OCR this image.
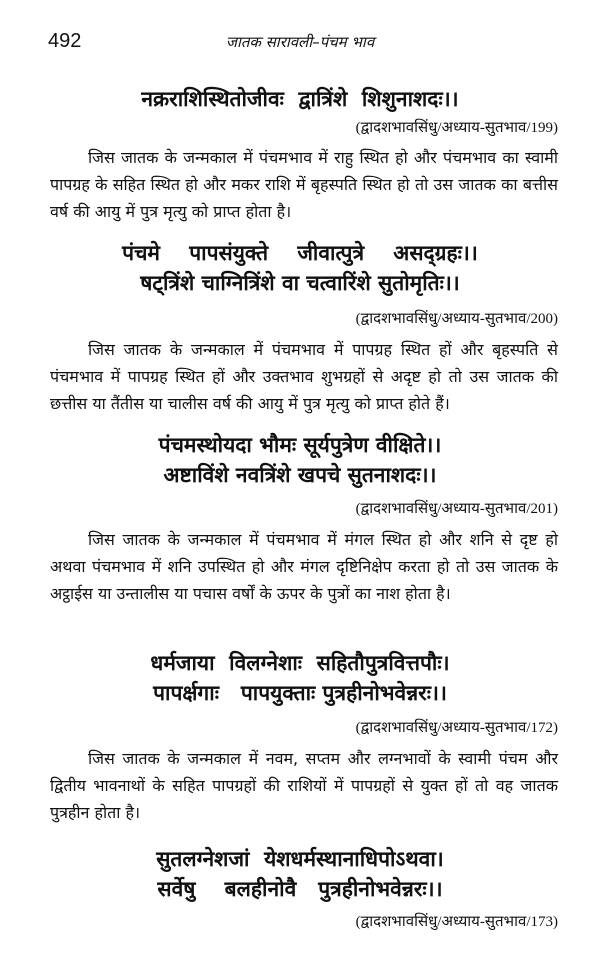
492	जातक सारावली–पंचम भाव
नक्रराशिस्थितोजीवः  द्वात्रिंशे  शिशुनाशदः।।
(द्वादशभावसिंधु/अध्याय-सुतभाव/199)
जिस जातक के जन्मकाल में पंचमभाव में राहु स्थित हो और पंचमभाव का स्वामी पापग्रह के सहित स्थित हो और मकर राशि में बृहस्पति स्थित हो तो उस जातक का बत्तीस वर्ष की आयु में पुत्र मृत्यु को प्राप्त होता है।
पंचमे    पापसंयुक्ते    जीवात्पुत्रे    असद्ग्रहः।।
षट्त्रिंशे चाग्नित्रिंशे वा चत्वारिंशे सुतोमृतिः।।
(द्वादशभावसिंधु/अध्याय-सुतभाव/200)
जिस जातक के जन्मकाल में पंचमभाव में पापग्रह स्थित हों और बृहस्पति से पंचमभाव में पापग्रह स्थित हों और उक्तभाव शुभग्रहों से अदृष्ट हो तो उस जातक की छत्तीस या तैंतीस या चालीस वर्ष की आयु में पुत्र मृत्यु को प्राप्त होते हैं।
पंचमस्थोयदा भौमः सूर्यपुत्रेण वीक्षिते।।
अष्टाविंशे नवत्रिंशे खपचे सुतनाशदः।।
(द्वादशभावसिंधु/अध्याय-सुतभाव/201)
जिस जातक के जन्मकाल में पंचमभाव में मंगल स्थित हो और शनि से दृष्ट हो अथवा पंचमभाव में शनि उपस्थित हो और मंगल दृष्टिनिक्षेप करता हो तो उस जातक के अट्ठाईस या उन्तालीस या पचास वर्षों के ऊपर के पुत्रों का नाश होता है।
धर्मजाया  विलग्नेशाः  सहितौपुत्रवित्तपौः।
पापर्क्षगाः   पापयुक्ताः पुत्रहीनोभवेन्नरः।।
(द्वादशभावसिंधु/अध्याय-सुतभाव/172)
जिस जातक के जन्मकाल में नवम, सप्तम और लग्नभावों के स्वामी पंचम और द्वितीय भावनाथों के सहित पापग्रहों की राशियों में पापग्रहों से युक्त हों तो वह जातक पुत्रहीन होता है।
सुतलग्नेशजां  येशधर्मस्थानाधिपोऽथवा।
सर्वेषु    बलहीनोवै   पुत्रहीनोभवेन्नरः।।
(द्वादशभावसिंधु/अध्याय-सुतभाव/173)
